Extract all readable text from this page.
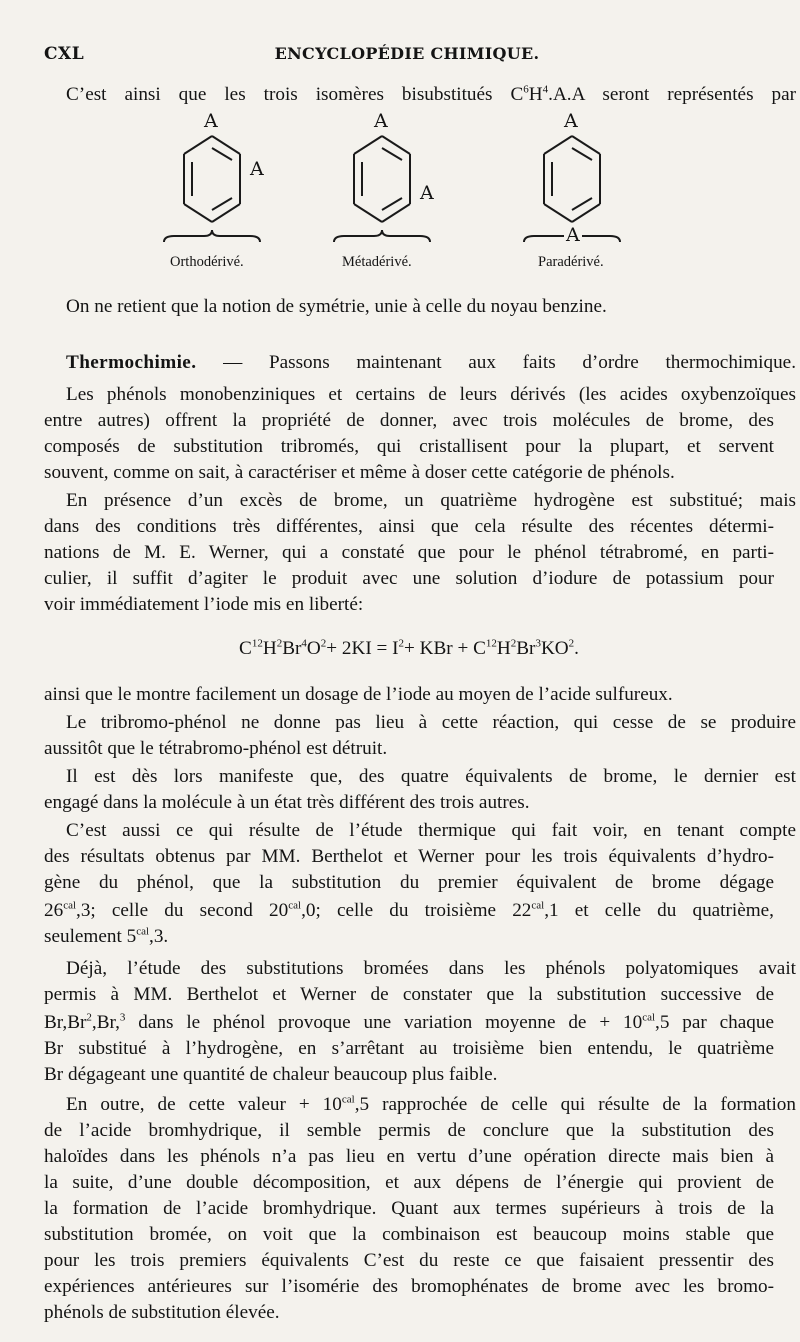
CXL	ENCYCLOPÉDIE CHIMIQUE.
C’est ainsi que les trois isomères bisubstitués $C^6H^4.A.A$ seront représentés par
A
A
A
A
A
A
Orthodérivé.	Métadérivé.	Paradérivé.
On ne retient que la notion de symétrie, unie à celle du noyau benzine.
Thermochimie. — Passons maintenant aux faits d’ordre thermochimique.
Les phénols monobenziniques et certains de leurs dérivés (les acides oxybenzoïques
entre autres) offrent la propriété de donner, avec trois molécules de brome, des
composés de substitution tribromés, qui cristallisent pour la plupart, et servent
souvent, comme on sait, à caractériser et même à doser cette catégorie de phénols.
En présence d’un excès de brome, un quatrième hydrogène est substitué; mais
dans des conditions très différentes, ainsi que cela résulte des récentes détermi-
nations de M. E. Werner, qui a constaté que pour le phénol tétrabromé, en parti-
culier, il suffit d’agiter le produit avec une solution d’iodure de potassium pour
voir immédiatement l’iode mis en liberté:
$C^{12}H^2Br^4O^2+ 2KI = I^2+$ KBr + $C^{12}H^2Br^3KO^2$.
ainsi que le montre facilement un dosage de l’iode au moyen de l’acide sulfureux.
Le tribromo-phénol ne donne pas lieu à cette réaction, qui cesse de se produire
aussitôt que le tétrabromo-phénol est détruit.
Il est dès lors manifeste que, des quatre équivalents de brome, le dernier est
engagé dans la molécule à un état très différent des trois autres.
C’est aussi ce qui résulte de l’étude thermique qui fait voir, en tenant compte
des résultats obtenus par MM. Berthelot et Werner pour les trois équivalents d’hydro-
gène du phénol, que la substitution du premier équivalent de brome dégage
$26^{cal},3$; celle du second $20^{cal},0$; celle du troisième $22^{cal},1$ et celle du quatrième,
seulement $5^{cal},3$.
Déjà, l’étude des substitutions bromées dans les phénols polyatomiques avait
permis à MM. Berthelot et Werner de constater que la substitution successive de
Br,Br$^2$,Br,$^3$ dans le phénol provoque une variation moyenne de + $10^{cal},5$ par chaque
Br substitué à l’hydrogène, en s’arrêtant au troisième bien entendu, le quatrième
Br dégageant une quantité de chaleur beaucoup plus faible.
En outre, de cette valeur + $10^{cal},5$ rapprochée de celle qui résulte de la formation
de l’acide bromhydrique, il semble permis de conclure que la substitution des
haloïdes dans les phénols n’a pas lieu en vertu d’une opération directe mais bien à
la suite, d’une double décomposition, et aux dépens de l’énergie qui provient de
la formation de l’acide bromhydrique. Quant aux termes supérieurs à trois de la
substitution bromée, on voit que la combinaison est beaucoup moins stable que
pour les trois premiers équivalents C’est du reste ce que faisaient pressentir des
expériences antérieures sur l’isomérie des bromophénates de brome avec les bromo-
phénols de substitution élevée.
